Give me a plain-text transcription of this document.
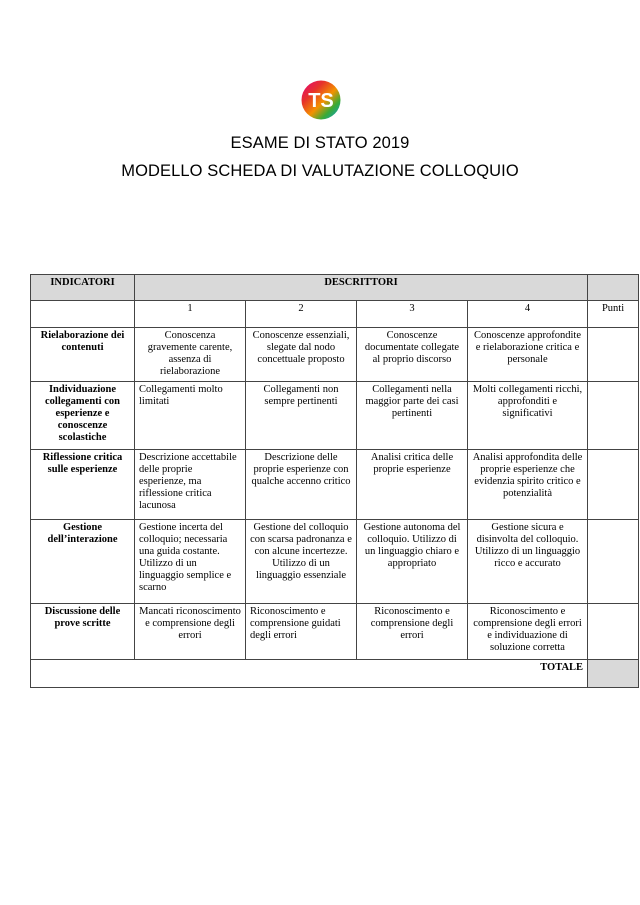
TS
ESAME DI STATO 2019
MODELLO SCHEDA DI VALUTAZIONE COLLOQUIO
INDICATORI	DESCRITTORI				
	1	2	3	4	Punti
Rielaborazione dei contenuti	Conoscenza gravemente carente, assenza di rielaborazione	Conoscenze essenziali, slegate dal nodo concettuale proposto	Conoscenze documentate collegate al proprio discorso	Conoscenze approfondite e rielaborazione critica e personale	
Individuazione collegamenti con esperienze e conoscenze scolastiche	Collegamenti molto limitati	Collegamenti non sempre pertinenti	Collegamenti nella maggior parte dei casi pertinenti	Molti collegamenti ricchi, approfonditi e significativi	
Riflessione critica sulle esperienze	Descrizione accettabile delle proprie esperienze, ma riflessione critica lacunosa	Descrizione delle proprie esperienze con qualche accenno critico	Analisi critica delle proprie esperienze	Analisi approfondita delle proprie esperienze che evidenzia spirito critico e potenzialità	
Gestione dell’interazione	Gestione incerta del colloquio; necessaria una guida costante. Utilizzo di un linguaggio semplice e scarno	Gestione del colloquio con scarsa padronanza e con alcune incertezze. Utilizzo di un linguaggio essenziale	Gestione autonoma del colloquio. Utilizzo di un linguaggio chiaro e appropriato	Gestione sicura e disinvolta del colloquio. Utilizzo di un linguaggio ricco e accurato	
Discussione delle prove scritte	Mancati riconoscimento e comprensione degli errori	Riconoscimento e comprensione guidati degli errori	Riconoscimento e comprensione degli errori	Riconoscimento e comprensione degli errori e individuazione di soluzione corretta	
TOTALE					
